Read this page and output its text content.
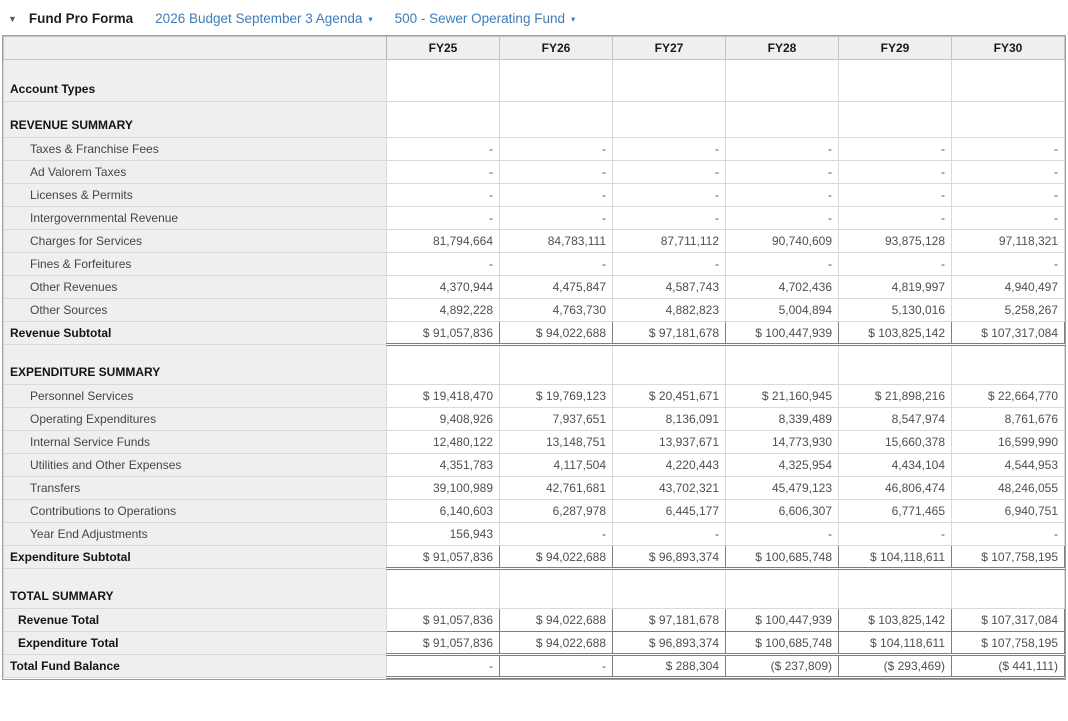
▼ Fund Pro Forma 2026 Budget September 3 Agenda ▾ 500 - Sewer Operating Fund ▾
	FY25	FY26	FY27	FY28	FY29	FY30
Account Types						
REVENUE SUMMARY						
Taxes & Franchise Fees	-	-	-	-	-	-
Ad Valorem Taxes	-	-	-	-	-	-
Licenses & Permits	-	-	-	-	-	-
Intergovernmental Revenue	-	-	-	-	-	-
Charges for Services	81,794,664	84,783,111	87,711,112	90,740,609	93,875,128	97,118,321
Fines & Forfeitures	-	-	-	-	-	-
Other Revenues	4,370,944	4,475,847	4,587,743	4,702,436	4,819,997	4,940,497
Other Sources	4,892,228	4,763,730	4,882,823	5,004,894	5,130,016	5,258,267
Revenue Subtotal	$ 91,057,836	$ 94,022,688	$ 97,181,678	$ 100,447,939	$ 103,825,142	$ 107,317,084
EXPENDITURE SUMMARY						
Personnel Services	$ 19,418,470	$ 19,769,123	$ 20,451,671	$ 21,160,945	$ 21,898,216	$ 22,664,770
Operating Expenditures	9,408,926	7,937,651	8,136,091	8,339,489	8,547,974	8,761,676
Internal Service Funds	12,480,122	13,148,751	13,937,671	14,773,930	15,660,378	16,599,990
Utilities and Other Expenses	4,351,783	4,117,504	4,220,443	4,325,954	4,434,104	4,544,953
Transfers	39,100,989	42,761,681	43,702,321	45,479,123	46,806,474	48,246,055
Contributions to Operations	6,140,603	6,287,978	6,445,177	6,606,307	6,771,465	6,940,751
Year End Adjustments	156,943	-	-	-	-	-
Expenditure Subtotal	$ 91,057,836	$ 94,022,688	$ 96,893,374	$ 100,685,748	$ 104,118,611	$ 107,758,195
TOTAL SUMMARY						
Revenue Total	$ 91,057,836	$ 94,022,688	$ 97,181,678	$ 100,447,939	$ 103,825,142	$ 107,317,084
Expenditure Total	$ 91,057,836	$ 94,022,688	$ 96,893,374	$ 100,685,748	$ 104,118,611	$ 107,758,195
Total Fund Balance	-	-	$ 288,304	($ 237,809)	($ 293,469)	($ 441,111)
